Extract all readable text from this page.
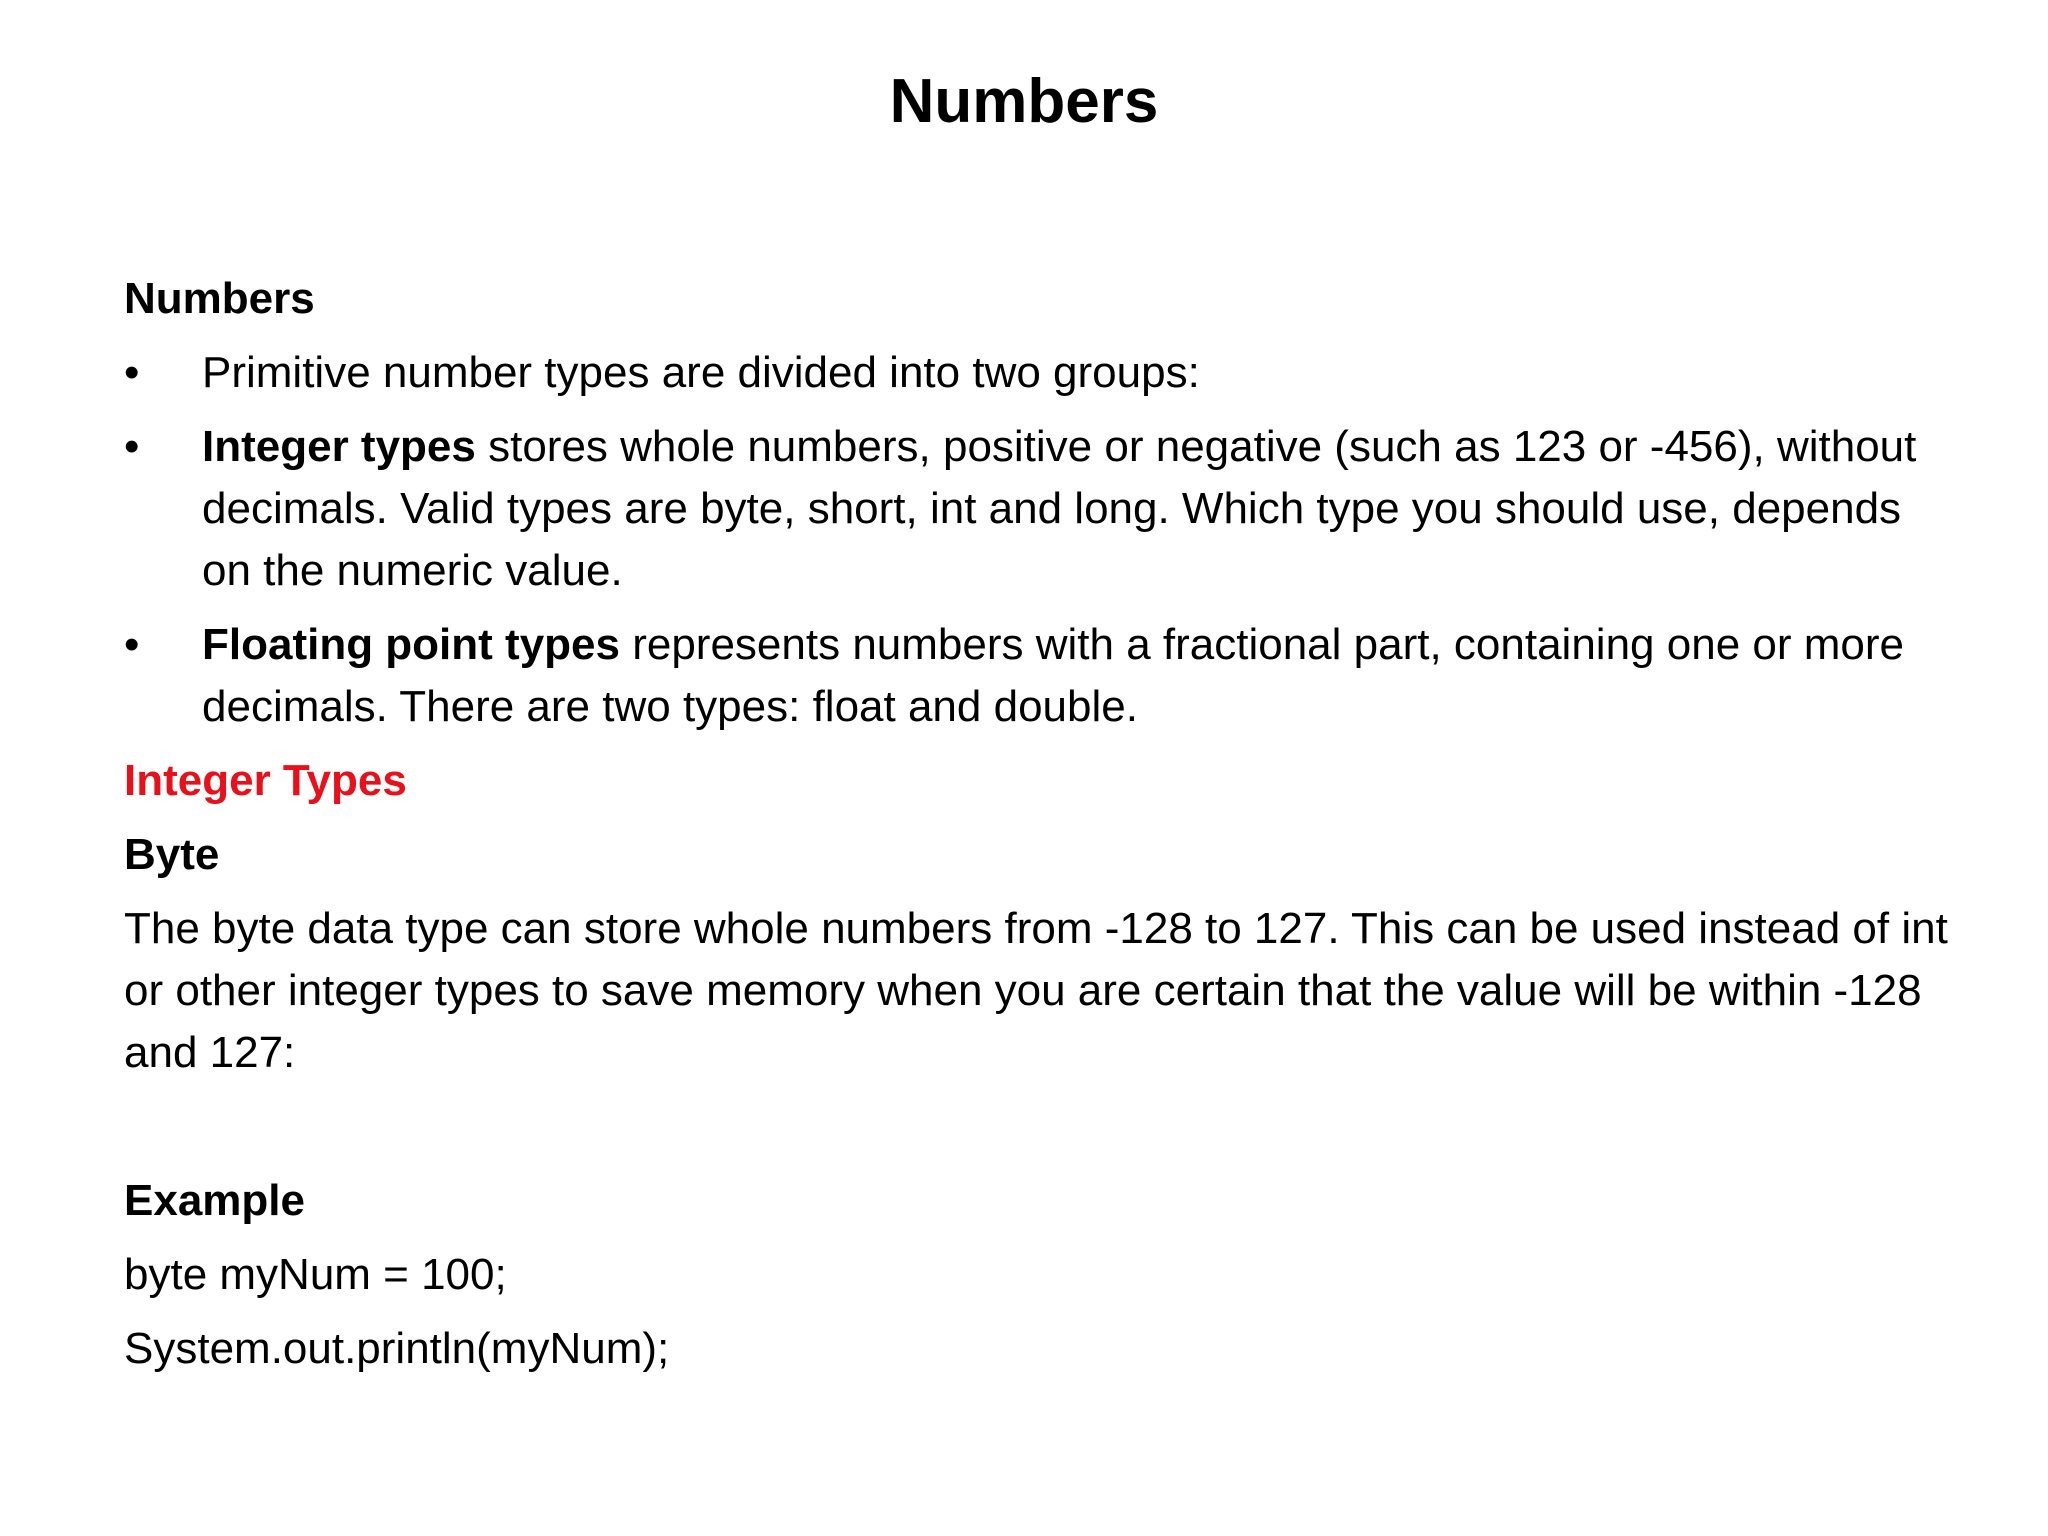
Numbers

Numbers

•	Primitive number types are divided into two groups:
•	Integer types stores whole numbers, positive or negative (such as 123 or -456), without decimals. Valid types are byte, short, int and long. Which type you should use, depends on the numeric value.
•	Floating point types represents numbers with a fractional part, containing one or more decimals. There are two types: float and double.

Integer Types

Byte

The byte data type can store whole numbers from -128 to 127. This can be used instead of int or other integer types to save memory when you are certain that the value will be within -128 and 127:

Example

byte myNum = 100;

System.out.println(myNum);
